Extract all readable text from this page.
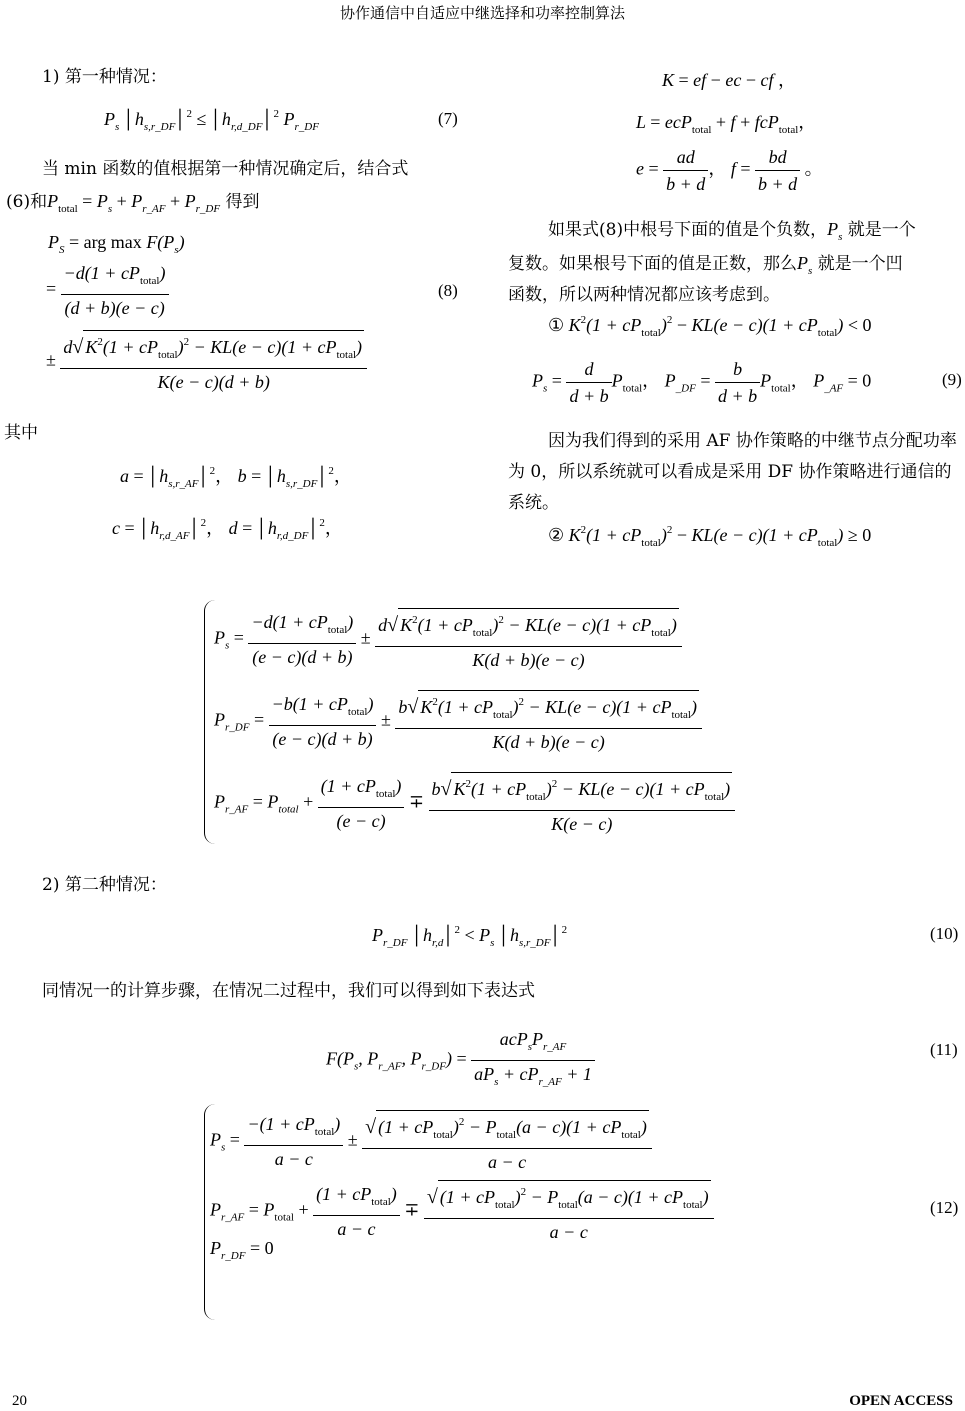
协作通信中自适应中继选择和功率控制算法
1) 第一种情况：
$P_s$ $│h_{s,r\_DF}│^2$ ≤ $│h_{r,d\_DF}│^2$ $P_{r\_DF}$	(7)
当 min 函数的值根据第一种情况确定后，结合式
(6)和$P_{total} = P_s + P_{r\_AF} + P_{r\_DF}$ 得到
$P_S$ = arg $\max F(P_s)$
= $\frac{-d(1 + cP_{total})}{(d + b)(e - c)}$	(8)
± $\frac{d√ K^2(1 + cP_{total})^2 - KL(e - c)(1 + cP_{total})}{K(e - c)(d + b)}$
其中
$a = │h_{s,r\_AF}│^2$， $b = │h_{s,r\_DF}│^2$，
$c = │h_{r,d\_AF}│^2$， $d = │h_{r,d\_DF}│^2$，
K = ef − ec − cf ，
L = ecP$_{total}$ + f + fcP$_{total}$，
$e = \frac{ad}{b + d}$ ， $f = \frac{bd}{b + d}$ 。
如果式(8)中根号下面的值是个负数，$P_s$ 就是一个
复数。如果根号下面的值是正数，那么$P_s$ 就是一个凹
函数，所以两种情况都应该考虑到。
① $K^2(1 + cP_{total})^2 - KL(e - c)(1 + cP_{total}) < 0$
$P_s = \frac{d}{d + b} P_{total}$， $P_{\_DF} = \frac{b}{d + b} P_{total}$， $P_{\_AF} = 0$	(9)
因为我们得到的采用 AF 协作策略的中继节点分配功率为 0，所以系统就可以看成是采用 DF 协作策略进行通信的系统。
② $K^2(1 + cP_{total})^2 - KL(e - c)(1 + cP_{total}) \ge 0$
$P_s = \frac{-d(1 + cP_{total})}{(e - c)(d + b)} \pm \frac{d√ K^2(1 + cP_{total})^2 - KL(e - c)(1 + cP_{total})}{K(d + b)(e - c)}$
$P_{r\_DF} = \frac{-b(1 + cP_{total})}{(e - c)(d + b)} \pm \frac{b√ K^2(1 + cP_{total})^2 - KL(e - c)(1 + cP_{total})}{K(d + b)(e - c)}$
$P_{r\_AF} = P_{total} + \frac{(1 + cP_{total})}{(e - c)} \mp \frac{b√ K^2(1 + cP_{total})^2 - KL(e - c)(1 + cP_{total})}{K(e - c)}$
2) 第二种情况：
$P_{r\_DF}$ $│h_{r,d}│^2 < P_s$ $│h_{s,r\_DF}│^2$	(10)
同情况一的计算步骤，在情况二过程中，我们可以得到如下表达式
$F(P_s$, $P_{r\_AF}$, $P_{r\_DF}) = \frac{acP_sP_{r\_AF}}{aP_s + cP_{r\_AF} + 1}$	(11)
$P_s = \frac{-(1 + cP_{total})}{a - c} \pm \frac{√ (1 + cP_{total})^2 - P_{total}(a - c)(1 + cP_{total})}{a - c}$
$P_{r\_AF} = P_{total} + \frac{(1 + cP_{total})}{a - c} \mp \frac{√ (1 + cP_{total})^2 - P_{total}(a - c)(1 + cP_{total})}{a - c}$	(12)
$P_{r\_DF} = 0$
20	OPEN ACCESS
